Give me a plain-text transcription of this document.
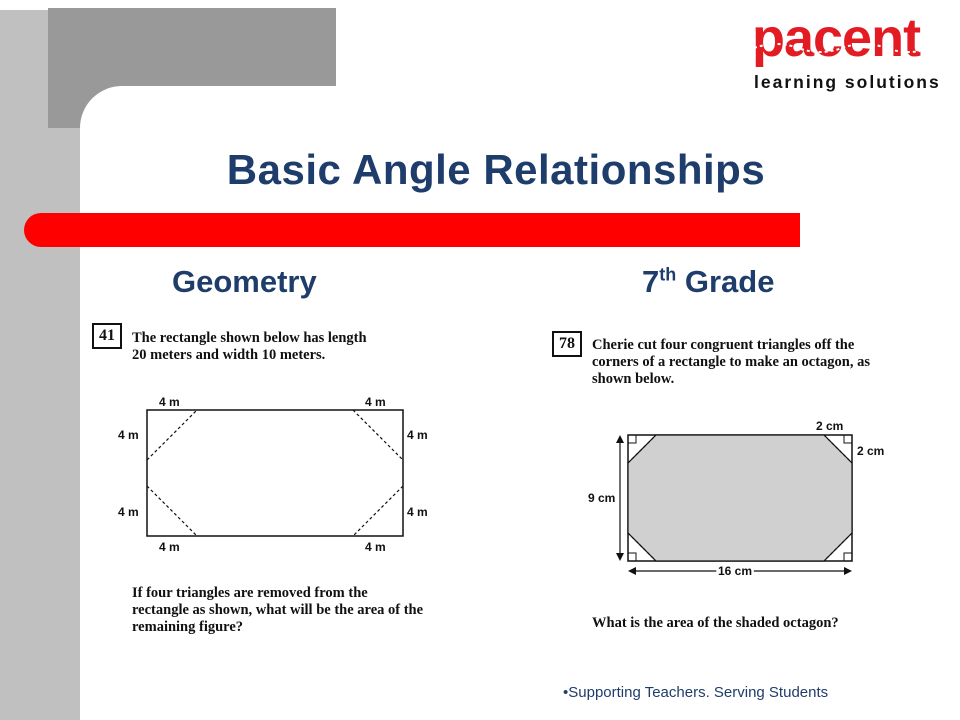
pacent
learning solutions
Basic Angle Relationships
Geometry	7th Grade
41	The rectangle shown below has length
20 meters and width 10 meters.
4 m	4 m
4 m	4 m
4 m	4 m
4 m	4 m
If four triangles are removed from the
rectangle as shown, what will be the area of the
remaining figure?
78	Cherie cut four congruent triangles off the
corners of a rectangle to make an octagon, as
shown below.
9 cm
16 cm
2 cm
2 cm
What is the area of the shaded octagon?
•Supporting Teachers. Serving Students
